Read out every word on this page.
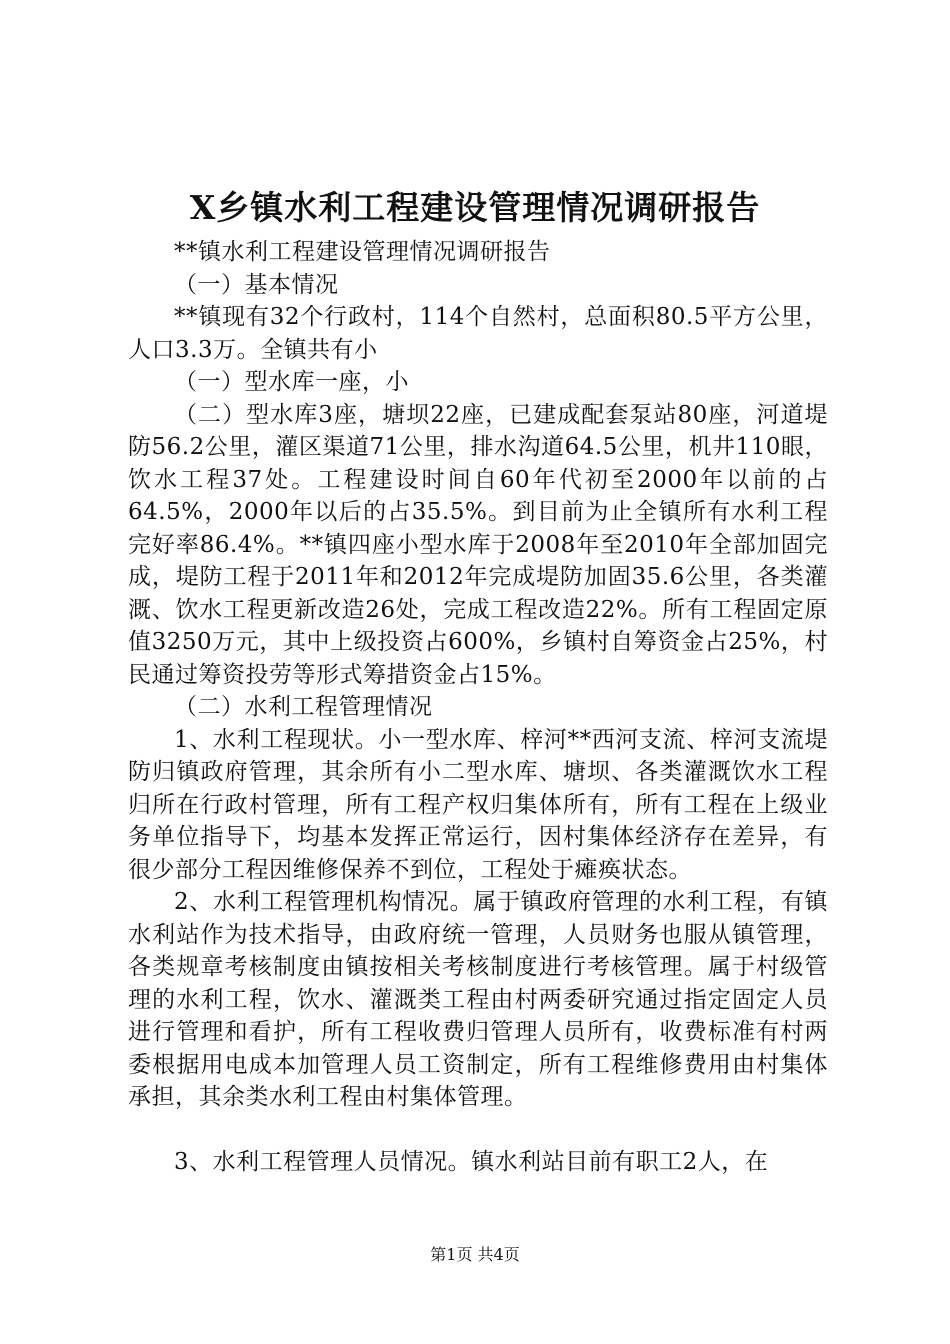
X乡镇水利工程建设管理情况调研报告

**镇水利工程建设管理情况调研报告

（一）基本情况

**镇现有32个行政村，114个自然村，总面积80.5平方公里，人口3.3万。全镇共有小

（一）型水库一座，小

（二）型水库3座，塘坝22座，已建成配套泵站80座，河道堤防56.2公里，灌区渠道71公里，排水沟道64.5公里，机井110眼，饮水工程37处。工程建设时间自60年代初至2000年以前的占64.5%，2000年以后的占35.5%。到目前为止全镇所有水利工程完好率86.4%。**镇四座小型水库于2008年至2010年全部加固完成，堤防工程于2011年和2012年完成堤防加固35.6公里，各类灌溉、饮水工程更新改造26处，完成工程改造22%。所有工程固定原值3250万元，其中上级投资占600%，乡镇村自筹资金占25%，村民通过筹资投劳等形式筹措资金占15%。

（二）水利工程管理情况

1、水利工程现状。小一型水库、梓河**西河支流、梓河支流堤防归镇政府管理，其余所有小二型水库、塘坝、各类灌溉饮水工程归所在行政村管理，所有工程产权归集体所有，所有工程在上级业务单位指导下，均基本发挥正常运行，因村集体经济存在差异，有很少部分工程因维修保养不到位，工程处于瘫痪状态。

2、水利工程管理机构情况。属于镇政府管理的水利工程，有镇水利站作为技术指导，由政府统一管理，人员财务也服从镇管理，各类规章考核制度由镇按相关考核制度进行考核管理。属于村级管理的水利工程，饮水、灌溉类工程由村两委研究通过指定固定人员进行管理和看护，所有工程收费归管理人员所有，收费标准有村两委根据用电成本加管理人员工资制定，所有工程维修费用由村集体承担，其余类水利工程由村集体管理。

3、水利工程管理人员情况。镇水利站目前有职工2人，在

第1页 共4页
